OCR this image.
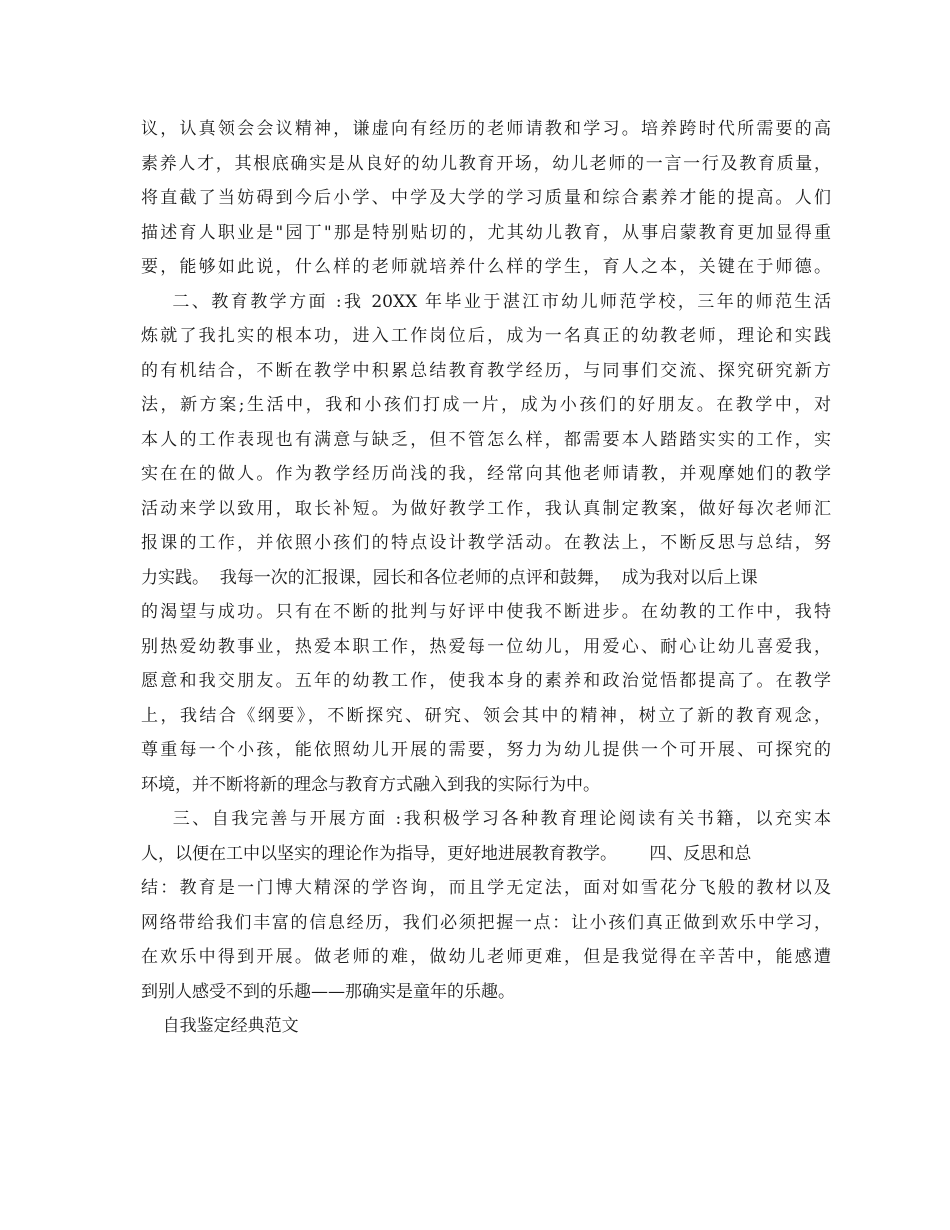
议，认真领会会议精神，谦虚向有经历的老师请教和学习。培养跨时代所需要的高
素养人才，其根底确实是从良好的幼儿教育开场，幼儿老师的一言一行及教育质量，
将直截了当妨碍到今后小学、中学及大学的学习质量和综合素养才能的提高。人们
描述育人职业是"园丁"那是特别贴切的，尤其幼儿教育，从事启蒙教育更加显得重
要，能够如此说，什么样的老师就培养什么样的学生，育人之本，关键在于师德。
二、教育教学方面 :我 20XX 年毕业于湛江市幼儿师范学校，三年的师范生活
炼就了我扎实的根本功，进入工作岗位后，成为一名真正的幼教老师，理论和实践
的有机结合，不断在教学中积累总结教育教学经历，与同事们交流、探究研究新方
法，新方案;生活中，我和小孩们打成一片，成为小孩们的好朋友。在教学中，对
本人的工作表现也有满意与缺乏，但不管怎么样，都需要本人踏踏实实的工作，实
实在在的做人。作为教学经历尚浅的我，经常向其他老师请教，并观摩她们的教学
活动来学以致用，取长补短。为做好教学工作，我认真制定教案，做好每次老师汇
报课的工作，并依照小孩们的特点设计教学活动。在教法上，不断反思与总结，努
力实践。  我每一次的汇报课，园长和各位老师的点评和鼓舞，  成为我对以后上课
的渴望与成功。只有在不断的批判与好评中使我不断进步。在幼教的工作中，我特
别热爱幼教事业，热爱本职工作，热爱每一位幼儿，用爱心、耐心让幼儿喜爱我，
愿意和我交朋友。五年的幼教工作，使我本身的素养和政治觉悟都提高了。在教学
上，我结合《纲要》，不断探究、研究、领会其中的精神，树立了新的教育观念，
尊重每一个小孩，能依照幼儿开展的需要，努力为幼儿提供一个可开展、可探究的
环境，并不断将新的理念与教育方式融入到我的实际行为中。
三、自我完善与开展方面 :我积极学习各种教育理论阅读有关书籍，以充实本
人，以便在工中以坚实的理论作为指导，更好地进展教育教学。      四、反思和总
结：教育是一门博大精深的学咨询，而且学无定法，面对如雪花分飞般的教材以及
网络带给我们丰富的信息经历，我们必须把握一点：让小孩们真正做到欢乐中学习，
在欢乐中得到开展。做老师的难，做幼儿老师更难，但是我觉得在辛苦中，能感遭
到别人感受不到的乐趣——那确实是童年的乐趣。
自我鉴定经典范文
